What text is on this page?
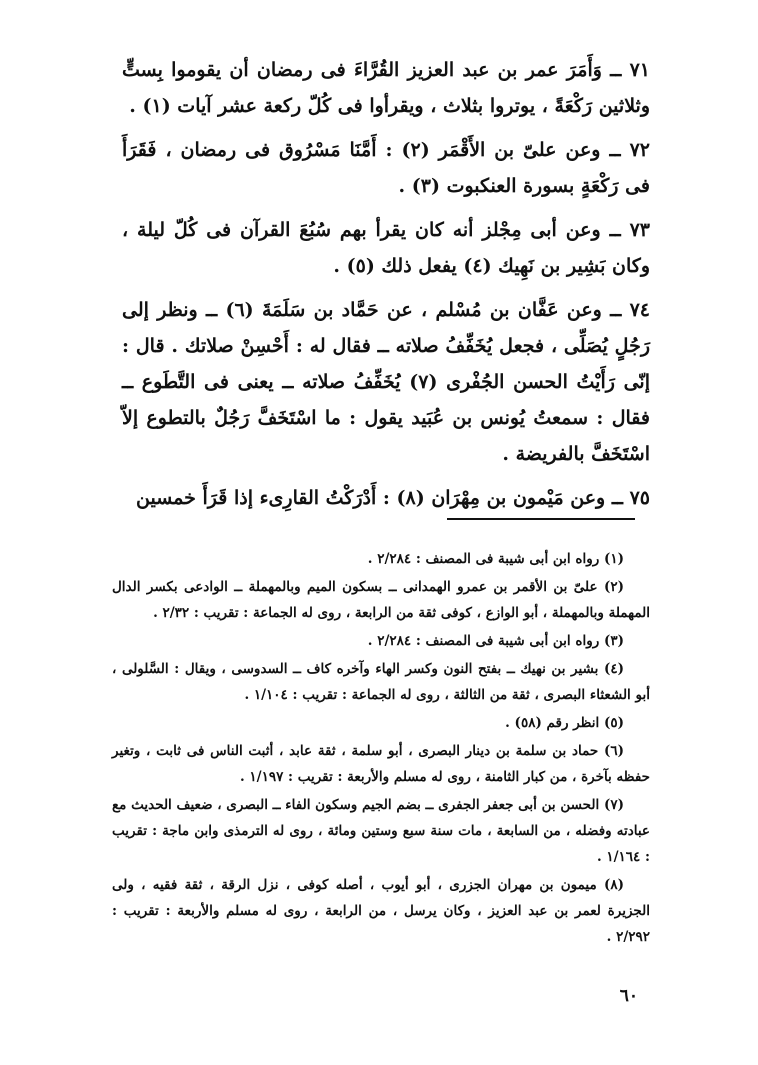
٧١ ــ وَأَمَرَ عمر بن عبد العزيز القُرَّاءَ فى رمضان أن يقوموا بِستٍّ وثلاثين رَكْعَةً ، يوتروا بثلاث ، ويقرأوا فى كُلّ ركعة عشر آيات (١) .

٧٢ ــ وعن علىّ بن الأَقْمَر (٢) : أَمَّنَا مَسْرُوق فى رمضان ، فَقَرَأَ فى رَكْعَةٍ بسورة العنكبوت (٣) .

٧٣ ــ وعن أبى مِجْلز أنه كان يقرأ بهم سُبُعَ القرآن فى كُلّ ليلة ، وكان بَشِير بن نَهِيك (٤) يفعل ذلك (٥) .

٧٤ ــ وعن عَفَّان بن مُسْلم ، عن حَمَّاد بن سَلَمَةَ (٦) ــ ونظر إلى رَجُلٍ يُصَلِّى ، فجعل يُخَفِّفُ صلاته ــ فقال له : أَحْسِنْ صلاتك . قال : إنّى رَأَيْتُ الحسن الجُفْرى (٧) يُخَفِّفُ صلاته ــ يعنى فى التَّطَوع ــ فقال : سمعتُ يُونس بن عُبَيد يقول : ما اسْتَخَفَّ رَجُلٌ بالتطوع إلاّ اسْتَخَفَّ بالفريضة .

٧٥ ــ وعن مَيْمون بن مِهْرَان (٨) : أَدْرَكْتُ القارِىء إذا قَرَأَ خمسين

(١) رواه ابن أبى شيبة فى المصنف : ٢/٢٨٤ .

(٢) علىّ بن الأقمر بن عمرو الهمدانى ــ بسكون الميم وبالمهملة ــ الوادعى بكسر الدال المهملة وبالمهملة ، أبو الوازع ، كوفى ثقة من الرابعة ، روى له الجماعة : تقريب : ٢/٣٢ .

(٣) رواه ابن أبى شيبة فى المصنف : ٢/٢٨٤ .

(٤) بشير بن نهيك ــ بفتح النون وكسر الهاء وآخره كاف ــ السدوسى ، ويقال : السَّلولى ، أبو الشعثاء البصرى ، ثقة من الثالثة ، روى له الجماعة : تقريب : ١/١٠٤ .

(٥) انظر رقم (٥٨) .

(٦) حماد بن سلمة بن دينار البصرى ، أبو سلمة ، ثقة عابد ، أثبت الناس فى ثابت ، وتغير حفظه بآخرة ، من كبار الثامنة ، روى له مسلم والأربعة : تقريب : ١/١٩٧ .

(٧) الحسن بن أبى جعفر الجفرى ــ بضم الجيم وسكون الفاء ــ البصرى ، ضعيف الحديث مع عبادته وفضله ، من السابعة ، مات سنة سبع وستين ومائة ، روى له الترمذى وابن ماجة : تقريب : ١/١٦٤ .

(٨) ميمون بن مهران الجزرى ، أبو أيوب ، أصله كوفى ، نزل الرقة ، ثقة فقيه ، ولى الجزيرة لعمر بن عبد العزيز ، وكان يرسل ، من الرابعة ، روى له مسلم والأربعة : تقريب : ٢/٢٩٢ .

٦٠
